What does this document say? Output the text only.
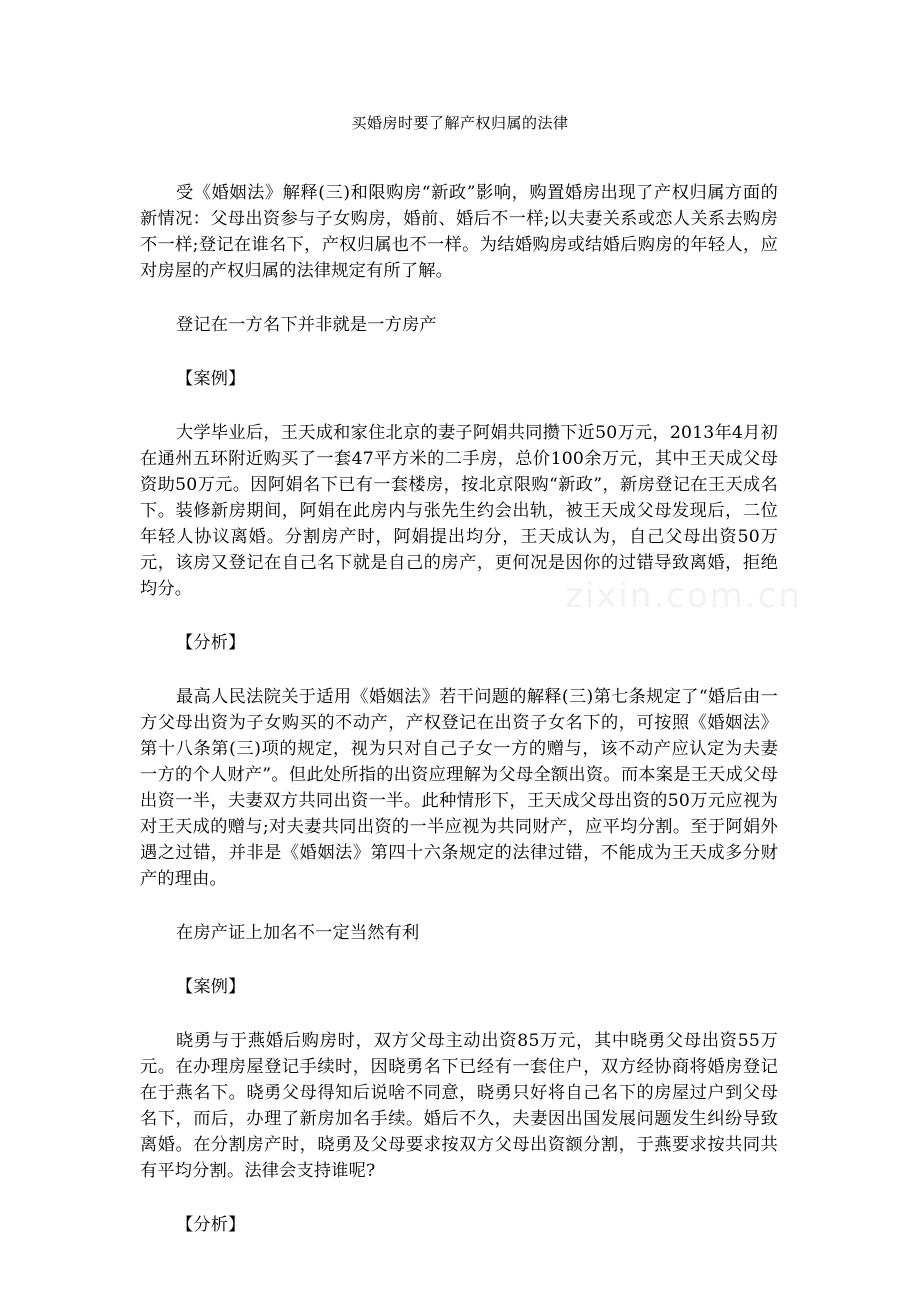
zixin.com.cn
买婚房时要了解产权归属的法律

受《婚姻法》解释(三)和限购房“新政”影响，购置婚房出现了产权归属方面的新情况：父母出资参与子女购房，婚前、婚后不一样;以夫妻关系或恋人关系去购房不一样;登记在谁名下，产权归属也不一样。为结婚购房或结婚后购房的年轻人，应对房屋的产权归属的法律规定有所了解。

登记在一方名下并非就是一方房产

【案例】

大学毕业后，王天成和家住北京的妻子阿娟共同攒下近50万元，2013年4月初在通州五环附近购买了一套47平方米的二手房，总价100余万元，其中王天成父母资助50万元。因阿娟名下已有一套楼房，按北京限购“新政”，新房登记在王天成名下。装修新房期间，阿娟在此房内与张先生约会出轨，被王天成父母发现后，二位年轻人协议离婚。分割房产时，阿娟提出均分，王天成认为，自己父母出资50万元，该房又登记在自己名下就是自己的房产，更何况是因你的过错导致离婚，拒绝均分。

【分析】

最高人民法院关于适用《婚姻法》若干问题的解释(三)第七条规定了“婚后由一方父母出资为子女购买的不动产，产权登记在出资子女名下的，可按照《婚姻法》第十八条第(三)项的规定，视为只对自己子女一方的赠与，该不动产应认定为夫妻一方的个人财产”。但此处所指的出资应理解为父母全额出资。而本案是王天成父母出资一半，夫妻双方共同出资一半。此种情形下，王天成父母出资的50万元应视为对王天成的赠与;对夫妻共同出资的一半应视为共同财产，应平均分割。至于阿娟外遇之过错，并非是《婚姻法》第四十六条规定的法律过错，不能成为王天成多分财产的理由。

在房产证上加名不一定当然有利

【案例】

晓勇与于燕婚后购房时，双方父母主动出资85万元，其中晓勇父母出资55万元。在办理房屋登记手续时，因晓勇名下已经有一套住户，双方经协商将婚房登记在于燕名下。晓勇父母得知后说啥不同意，晓勇只好将自己名下的房屋过户到父母名下，而后，办理了新房加名手续。婚后不久，夫妻因出国发展问题发生纠纷导致离婚。在分割房产时，晓勇及父母要求按双方父母出资额分割，于燕要求按共同共有平均分割。法律会支持谁呢?

【分析】
